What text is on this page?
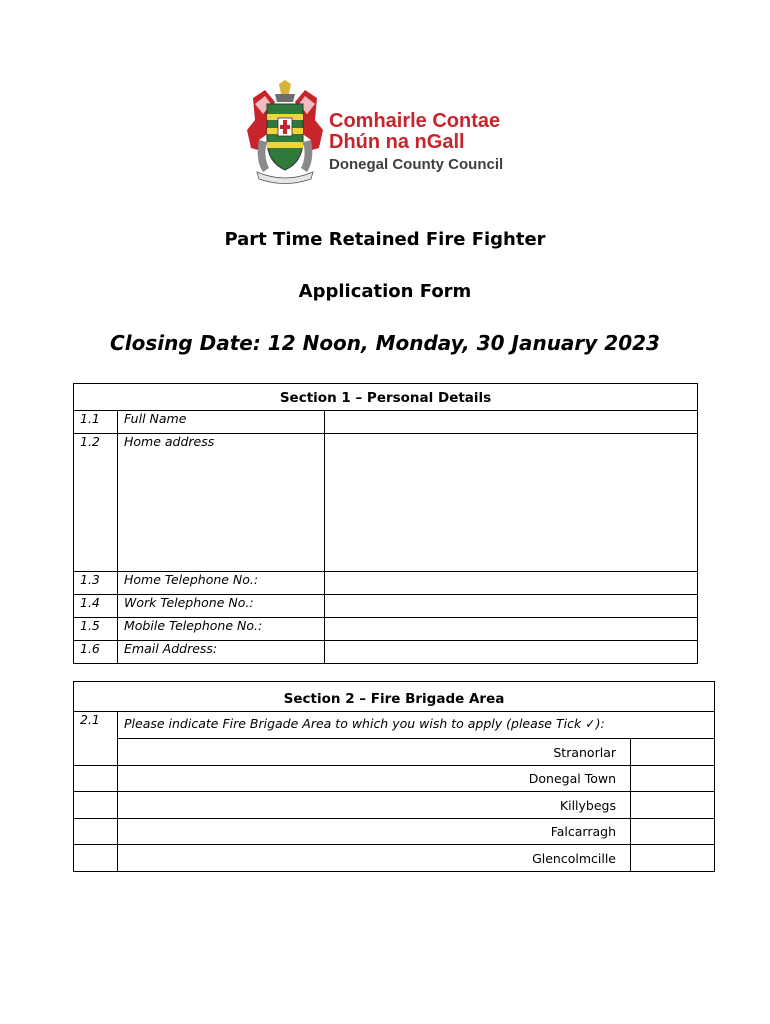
Comhairle Contae
Dhún na nGall
Donegal County Council
Part Time Retained Fire Fighter
Application Form
Closing Date: 12 Noon, Monday, 30 January 2023
Section 1 – Personal Details		
1.1	Full Name	
1.2	Home address	
1.3	Home Telephone No.:	
1.4	Work Telephone No.:	
1.5	Mobile Telephone No.:	
1.6	Email Address:	
Section 2 – Fire Brigade Area		
2.1	Please indicate Fire Brigade Area to which you wish to apply (please Tick ✓):	
	Stranorlar	
	Donegal Town	
	Killybegs	
	Falcarragh	
	Glencolmcille	
